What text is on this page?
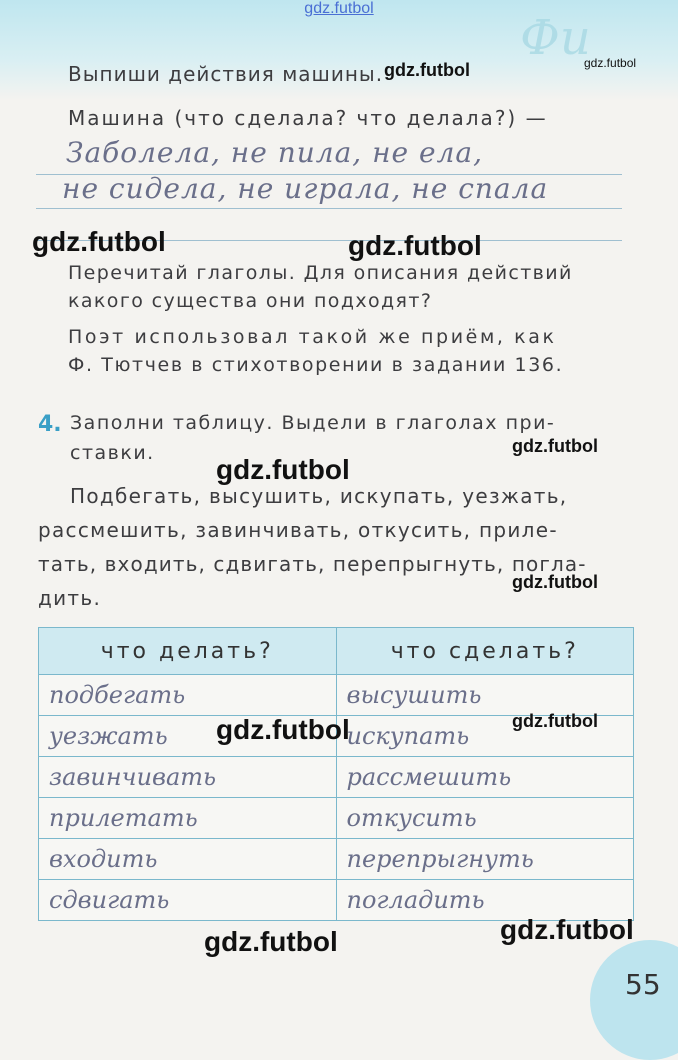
Фи
gdz.futbol
Выпиши действия машины.
Машина (что сделала? что делала?) —
Заболела, не пила, не ела,
не сидела, не играла, не спала
Перечитай глаголы. Для описания действий
какого существа они подходят?
Поэт использовал такой же приём, как
Ф. Тютчев в стихотворении в задании 136.
4. Заполни таблицу. Выдели в глаголах при-
ставки.
Подбегать, высушить, искупать, уезжать,
рассмешить, завинчивать, откусить, приле-
тать, входить, сдвигать, перепрыгнуть, погла-
дить.
что делать?	что сделать?
подбегать	высушить
уезжать	искупать
завинчивать	рассмешить
прилетать	откусить
входить	перепрыгнуть
сдвигать	погладить
55
gdz.futbol	gdz.futbol
gdz.futbol	gdz.futbol
gdz.futbol
gdz.futbol
gdz.futbol
gdz.futbol	gdz.futbol
gdz.futbol	gdz.futbol
